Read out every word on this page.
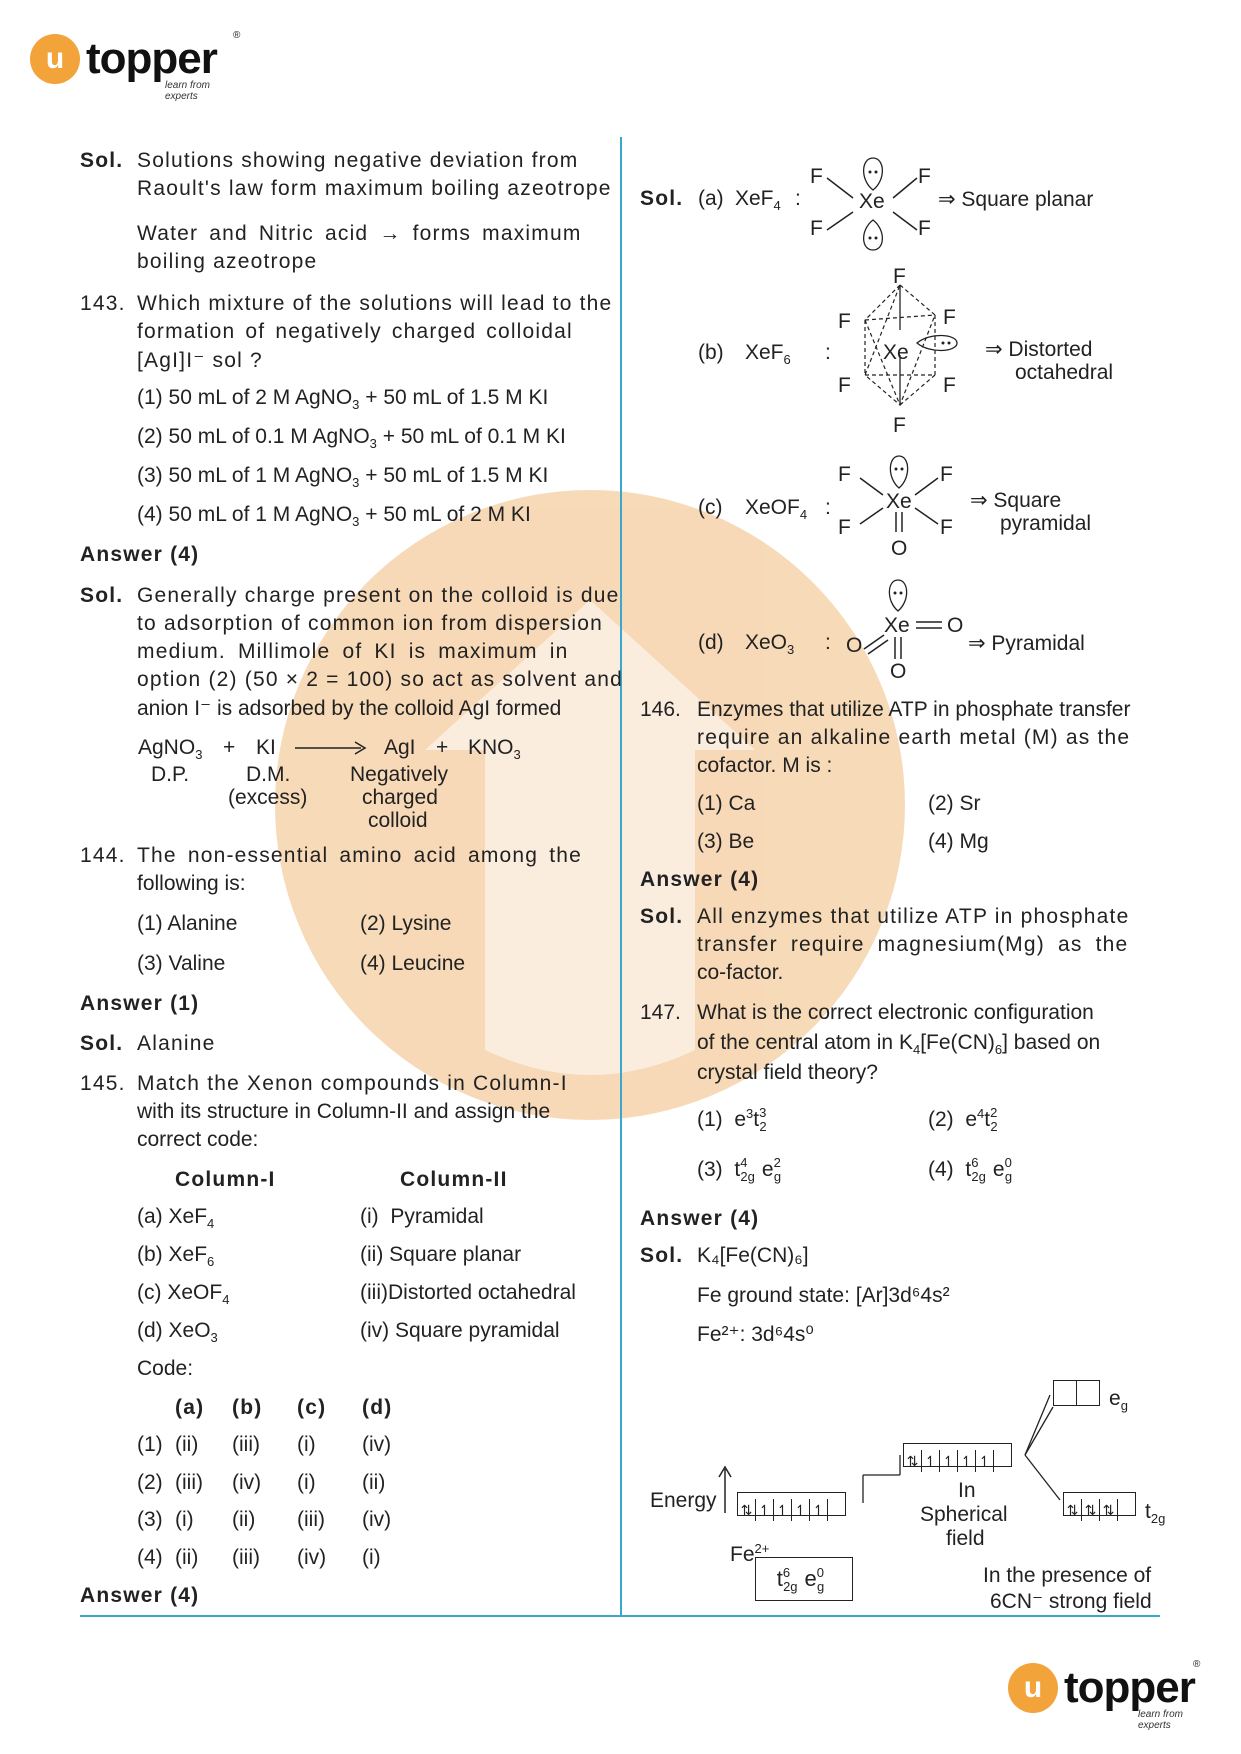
u topper ®
learn from experts
Sol. Solutions showing negative deviation from
Raoult's law form maximum boiling azeotrope
Water and Nitric acid → forms maximum
boiling azeotrope
143. Which mixture of the solutions will lead to the
formation of negatively charged colloidal
[AgI]I⁻ sol ?
(1) 50 mL of 2 M AgNO$_3$ + 50 mL of 1.5 M KI
(2) 50 mL of 0.1 M AgNO$_3$ + 50 mL of 0.1 M KI
(3) 50 mL of 1 M AgNO$_3$ + 50 mL of 1.5 M KI
(4) 50 mL of 1 M AgNO$_3$ + 50 mL of 2 M KI
Answer (4)
Sol. Generally charge present on the colloid is due
to adsorption of common ion from dispersion
medium. Millimole of KI is maximum in
option (2) (50 × 2 = 100) so act as solvent and
anion I⁻ is adsorbed by the colloid AgI formed
AgNO$_3$ + KI → AgI + $KNO_3$
D.P.	D.M.
(excess)
Negatively
charged
colloid
144. The non-essential amino acid among the
following is:
(1) Alanine	(2) Lysine
(3) Valine	(4) Leucine
Answer (1)
Sol. Alanine
145. Match the Xenon compounds in Column-I
with its structure in Column-II and assign the
correct code:
Column-I	Column-II
(a) XeF$_4$	(i) Pyramidal
(b) XeF$_6$	(ii) Square planar
(c) XeOF$_4$	(iii)Distorted octahedral
(d) XeO$_3$	(iv) Square pyramidal
Code:
(a) (b) (c) (d)
(1) (ii) (iii) (i) (iv)
(2) (iii) (iv) (i) (ii)
(3) (i) (ii) (iii) (iv)
(4) (ii) (iii) (iv) (i)
Answer (4)
Sol. (a) XeF$_4$ :	Xe
F	F
F	F
⇒ Square planar
(b) XeF$_6$ : Xe
F
F	F
F	F
F
⇒ Distorted
octahedral
(c) XeOF$_4$ :	Xe
F	F
F	F
O
⇒ Square
pyramidal
(d) XeO$_3$ :
Xe O
O
O
⇒ Pyramidal
146. Enzymes that utilize ATP in phosphate transfer
require an alkaline earth metal (M) as the
cofactor. M is :
(1) Ca	(2) Sr
(3) Be	(4) Mg
Answer (4)
Sol. All enzymes that utilize ATP in phosphate
transfer require magnesium(Mg) as the
co-factor.
147. What is the correct electronic configuration
of the central atom in $K_4[Fe(CN)_6]$ based on
crystal field theory?
(1)  $e^3t_{32}$	(2)  $e^4t_{22}$
(3)  $t_{42g}$ $e_{2g}$	(4)  $t_{62g}$ $e_{0g}$
Answer (4)
Sol. K₄[Fe(CN)₆]
Fe ground state: [Ar]3d⁶4s²
Fe²⁺: 3d⁶4s⁰
Energy ⇅ ↿ ↿ ↿ ↿
⇅ ↿ ↿ ↿ ↿
$e_g$
⇅ ⇅ ⇅	$t_{2g}$
In
Spherical
field
$Fe^{2+}$
$t_{62g}$ $e_{0g}$	In the presence of
6CN⁻ strong field
u topper
®
learn from experts
